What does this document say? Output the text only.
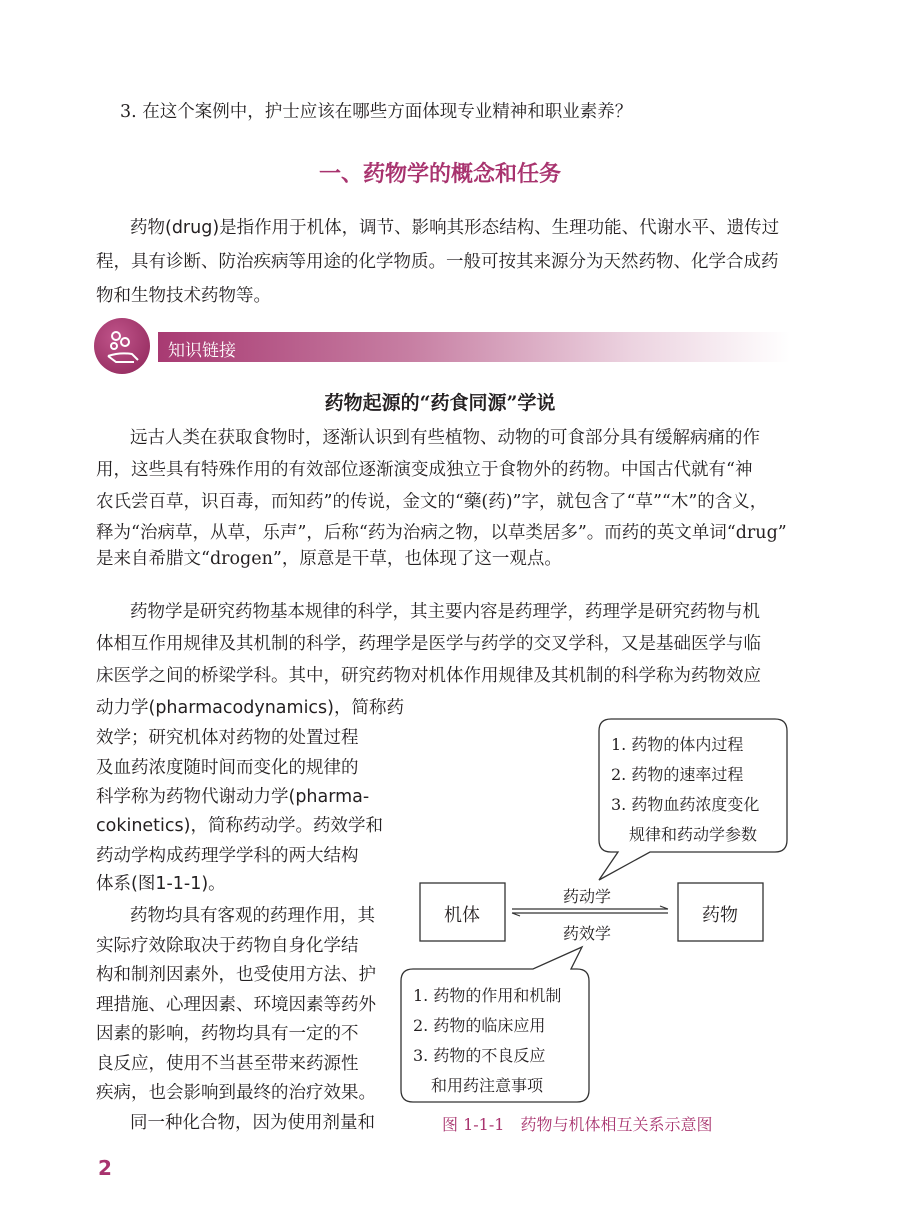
3. 在这个案例中，护士应该在哪些方面体现专业精神和职业素养？
一、药物学的概念和任务
药物(drug)是指作用于机体，调节、影响其形态结构、生理功能、代谢水平、遗传过
程，具有诊断、防治疾病等用途的化学物质。一般可按其来源分为天然药物、化学合成药
物和生物技术药物等。
知识链接
药物起源的“药食同源”学说
远古人类在获取食物时，逐渐认识到有些植物、动物的可食部分具有缓解病痛的作
用，这些具有特殊作用的有效部位逐渐演变成独立于食物外的药物。中国古代就有“神
农氏尝百草，识百毒，而知药”的传说，金文的“藥(药)”字，就包含了“草”“木”的含义，
释为“治病草，从草，乐声”，后称“药为治病之物，以草类居多”。而药的英文单词“drug”
是来自希腊文“drogen”，原意是干草，也体现了这一观点。
药物学是研究药物基本规律的科学，其主要内容是药理学，药理学是研究药物与机
体相互作用规律及其机制的科学，药理学是医学与药学的交叉学科，又是基础医学与临
床医学之间的桥梁学科。其中，研究药物对机体作用规律及其机制的科学称为药物效应
动力学(pharmacodynamics)，简称药
效学；研究机体对药物的处置过程
及血药浓度随时间而变化的规律的
科学称为药物代谢动力学(pharma-
cokinetics)，简称药动学。药效学和
药动学构成药理学学科的两大结构
体系(图1-1-1)。
药物均具有客观的药理作用，其
实际疗效除取决于药物自身化学结
构和制剂因素外，也受使用方法、护
理措施、心理因素、环境因素等药外
因素的影响，药物均具有一定的不
良反应，使用不当甚至带来药源性
疾病，也会影响到最终的治疗效果。
同一种化合物，因为使用剂量和
机体	药物
药动学
药效学
1. 药物的体内过程
2. 药物的速率过程
3. 药物血药浓度变化
规律和药动学参数
1. 药物的作用和机制
2. 药物的临床应用
3. 药物的不良反应
和用药注意事项
图 1-1-1　药物与机体相互关系示意图
2
